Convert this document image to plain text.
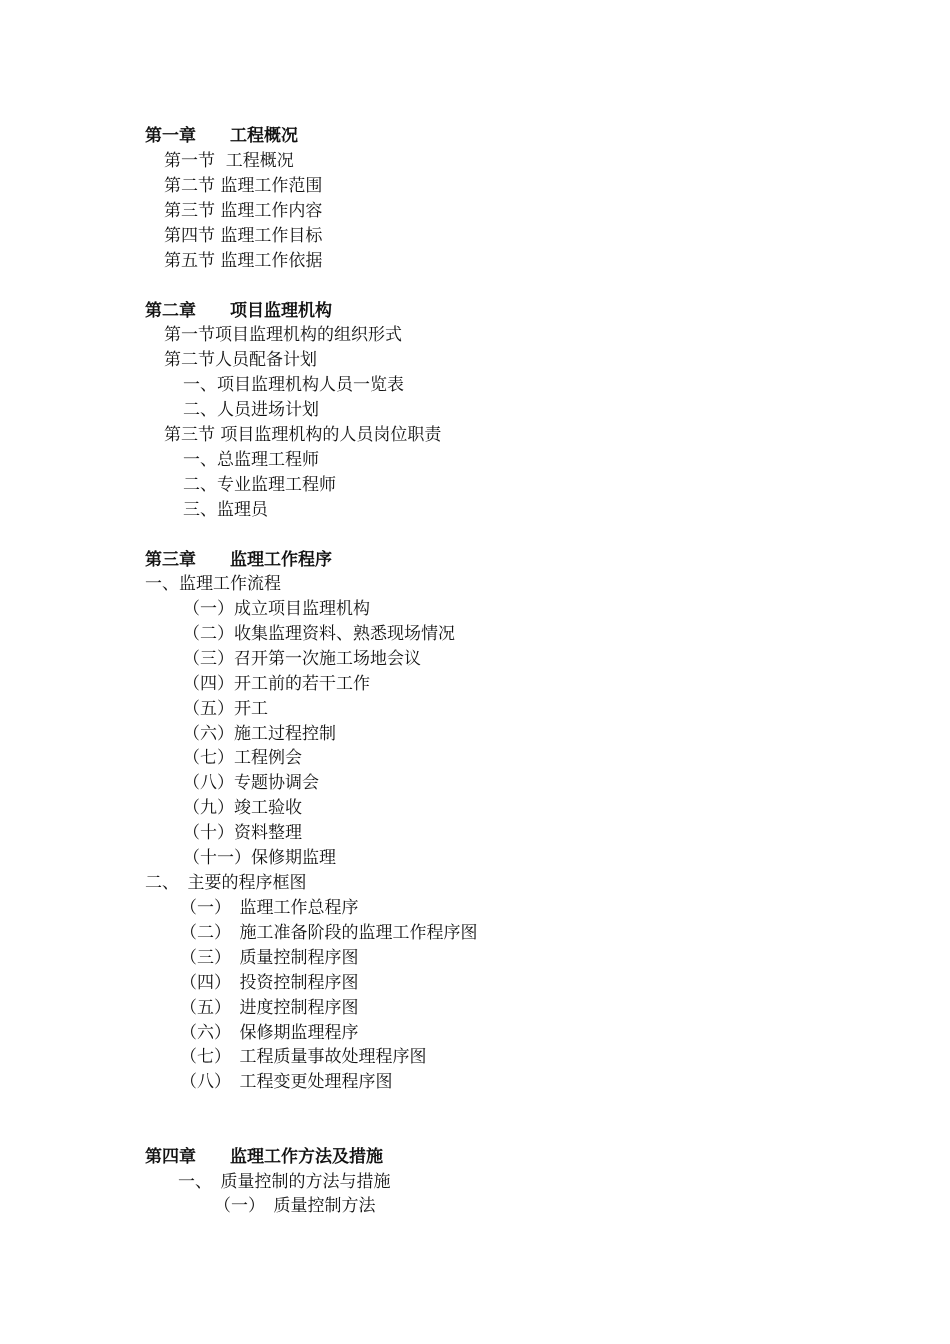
第一章　　工程概况
第一节  工程概况
第二节 监理工作范围
第三节 监理工作内容
第四节 监理工作目标
第五节 监理工作依据
第二章　　项目监理机构
第一节项目监理机构的组织形式
第二节人员配备计划
一、项目监理机构人员一览表
二、人员进场计划
第三节 项目监理机构的人员岗位职责
一、总监理工程师
二、专业监理工程师
三、监理员
第三章　　监理工作程序
一、监理工作流程
（一）成立项目监理机构
（二）收集监理资料、熟悉现场情况
（三）召开第一次施工场地会议
（四）开工前的若干工作
（五）开工
（六）施工过程控制
（七）工程例会
（八）专题协调会
（九）竣工验收
（十）资料整理
（十一）保修期监理
二、　主要的程序框图
（一）　监理工作总程序
（二）　施工准备阶段的监理工作程序图
（三）　质量控制程序图
（四）　投资控制程序图
（五）　进度控制程序图
（六）　保修期监理程序
（七）　工程质量事故处理程序图
（八）　工程变更处理程序图
第四章　　监理工作方法及措施
一、　质量控制的方法与措施
（一）　质量控制方法
